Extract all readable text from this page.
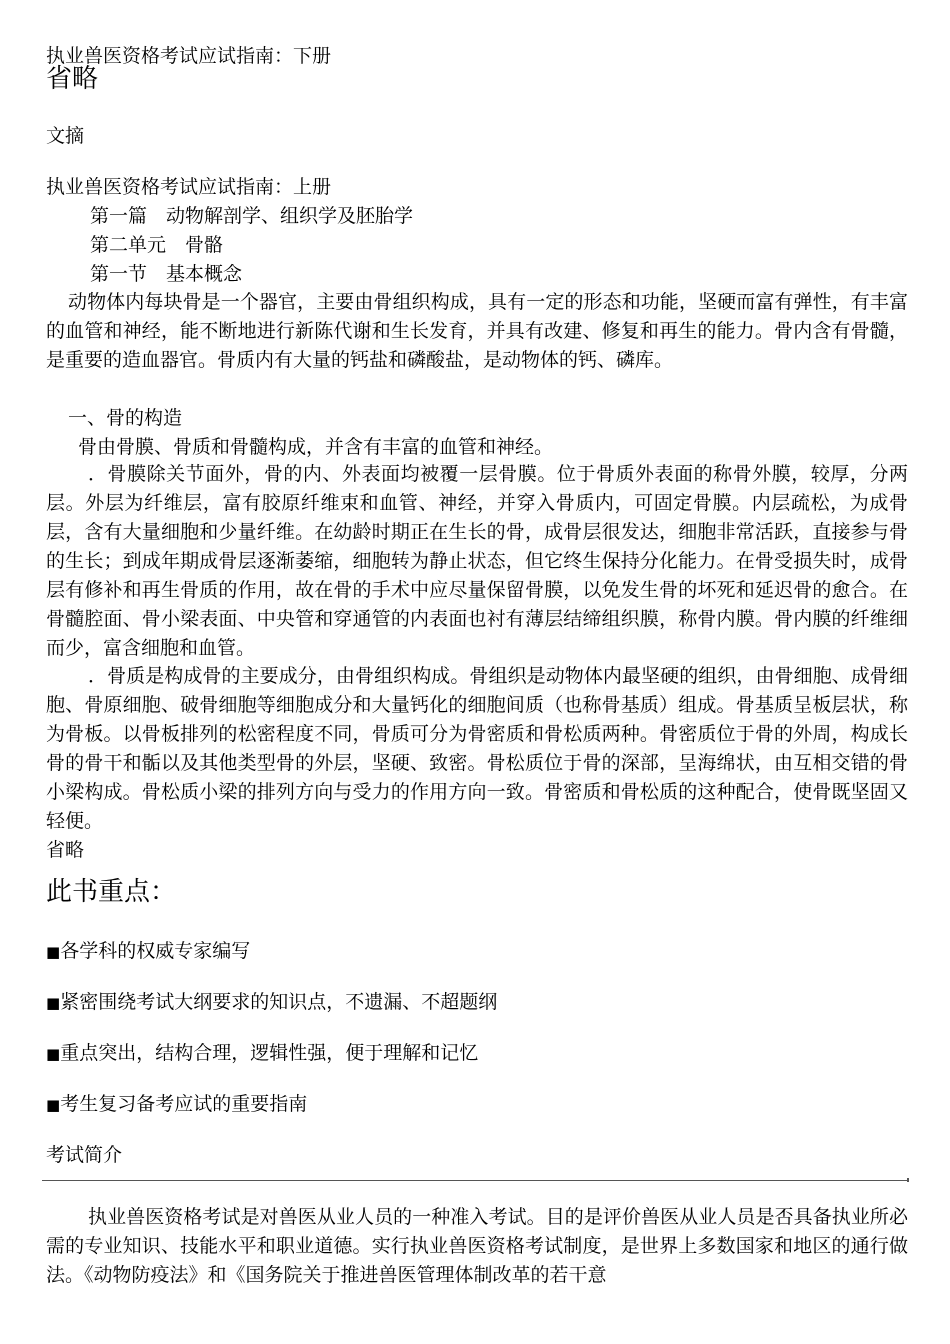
执业兽医资格考试应试指南：下册
省略
文摘
执业兽医资格考试应试指南：上册
第一篇　动物解剖学、组织学及胚胎学
第二单元　骨骼
第一节　基本概念
动物体内每块骨是一个器官，主要由骨组织构成，具有一定的形态和功能，坚硬而富有弹性，有丰富的血管和神经，能不断地进行新陈代谢和生长发育，并具有改建、修复和再生的能力。骨内含有骨髓，是重要的造血器官。骨质内有大量的钙盐和磷酸盐，是动物体的钙、磷库。
一、骨的构造
骨由骨膜、骨质和骨髓构成，并含有丰富的血管和神经。
．骨膜除关节面外，骨的内、外表面均被覆一层骨膜。位于骨质外表面的称骨外膜，较厚，分两层。外层为纤维层，富有胶原纤维束和血管、神经，并穿入骨质内，可固定骨膜。内层疏松，为成骨层，含有大量细胞和少量纤维。在幼龄时期正在生长的骨，成骨层很发达，细胞非常活跃，直接参与骨的生长；到成年期成骨层逐渐萎缩，细胞转为静止状态，但它终生保持分化能力。在骨受损失时，成骨层有修补和再生骨质的作用，故在骨的手术中应尽量保留骨膜，以免发生骨的坏死和延迟骨的愈合。在骨髓腔面、骨小梁表面、中央管和穿通管的内表面也衬有薄层结缔组织膜，称骨内膜。骨内膜的纤维细而少，富含细胞和血管。
．骨质是构成骨的主要成分，由骨组织构成。骨组织是动物体内最坚硬的组织，由骨细胞、成骨细胞、骨原细胞、破骨细胞等细胞成分和大量钙化的细胞间质（也称骨基质）组成。骨基质呈板层状，称为骨板。以骨板排列的松密程度不同，骨质可分为骨密质和骨松质两种。骨密质位于骨的外周，构成长骨的骨干和骺以及其他类型骨的外层，坚硬、致密。骨松质位于骨的深部，呈海绵状，由互相交错的骨小梁构成。骨松质小梁的排列方向与受力的作用方向一致。骨密质和骨松质的这种配合，使骨既坚固又轻便。
省略
此书重点：
■各学科的权威专家编写
■紧密围绕考试大纲要求的知识点，不遗漏、不超题纲
■重点突出，结构合理，逻辑性强，便于理解和记忆
■考生复习备考应试的重要指南
考试简介
执业兽医资格考试是对兽医从业人员的一种准入考试。目的是评价兽医从业人员是否具备执业所必需的专业知识、技能水平和职业道德。实行执业兽医资格考试制度，是世界上多数国家和地区的通行做法。《动物防疫法》和《国务院关于推进兽医管理体制改革的若干意
